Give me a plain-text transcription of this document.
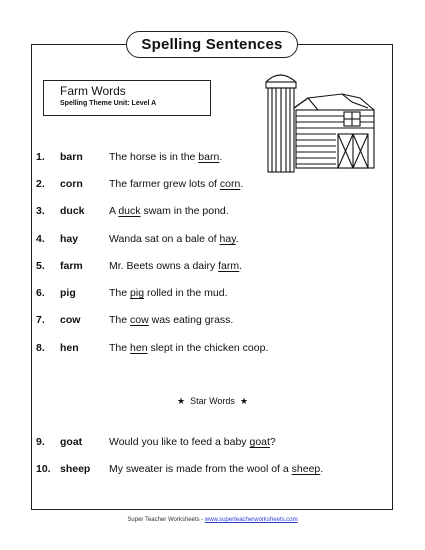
Spelling Sentences
Farm Words
Spelling Theme Unit: Level A
1.	barn	The horse is in the barn.
2.	corn	The farmer grew lots of corn.
3.	duck	A duck swam in the pond.
4.	hay	Wanda sat on a bale of hay.
5.	farm	Mr. Beets owns a dairy farm.
6.	pig	The pig rolled in the mud.
7.	cow	The cow was eating grass.
8.	hen	The hen slept in the chicken coop.
★ Star Words ★
9.	goat	Would you like to feed a baby goat?
10. sheep	My sweater is made from the wool of a sheep.
Super Teacher Worksheets - www.superteacherworksheets.com
